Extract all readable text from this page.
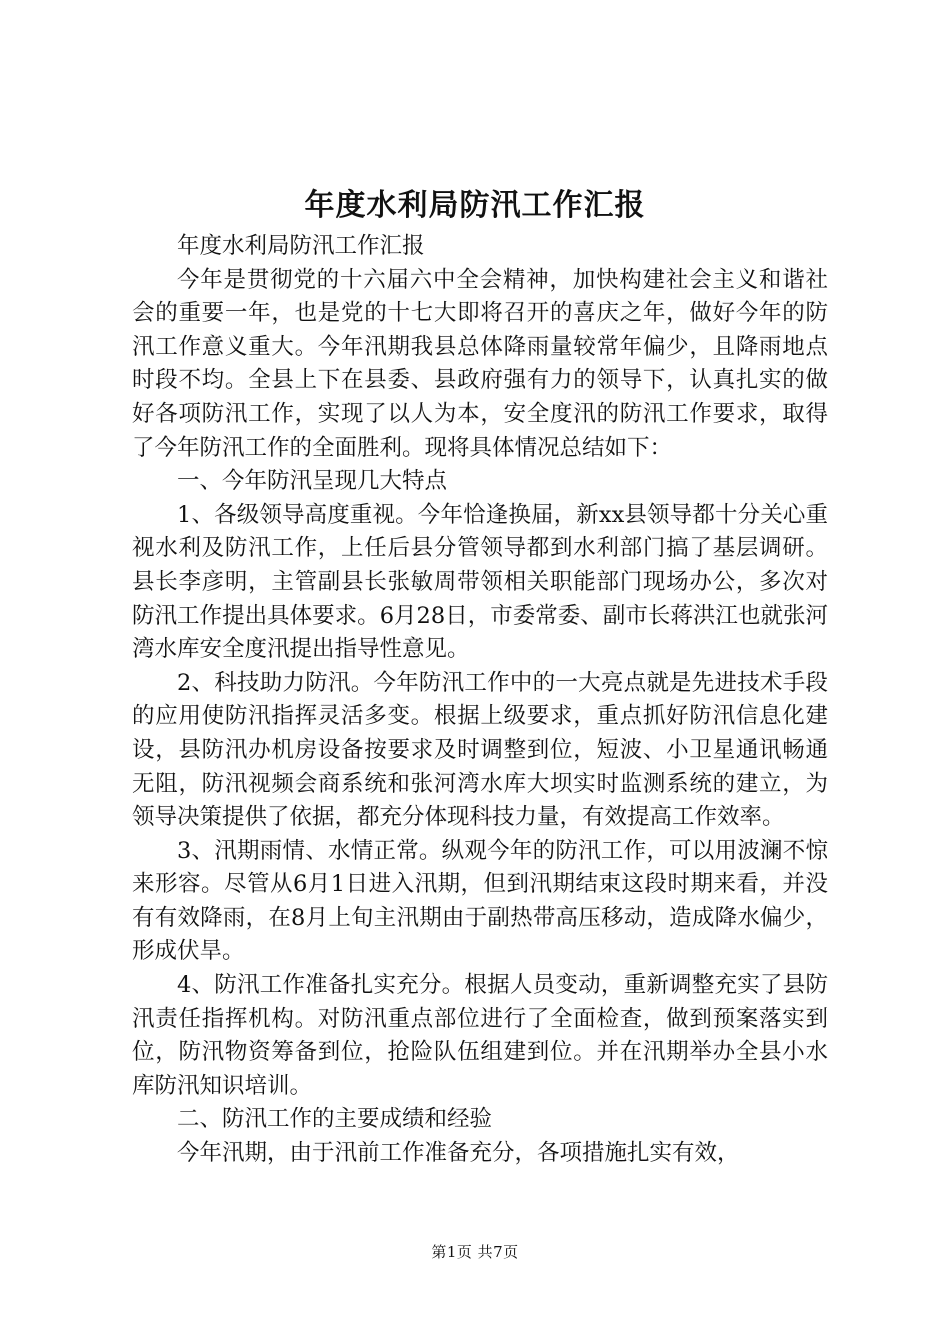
年度水利局防汛工作汇报

年度水利局防汛工作汇报

今年是贯彻党的十六届六中全会精神，加快构建社会主义和谐社会的重要一年，也是党的十七大即将召开的喜庆之年，做好今年的防汛工作意义重大。今年汛期我县总体降雨量较常年偏少，且降雨地点时段不均。全县上下在县委、县政府强有力的领导下，认真扎实的做好各项防汛工作，实现了以人为本，安全度汛的防汛工作要求，取得了今年防汛工作的全面胜利。现将具体情况总结如下：

一、今年防汛呈现几大特点

1、各级领导高度重视。今年恰逢换届，新xx县领导都十分关心重视水利及防汛工作，上任后县分管领导都到水利部门搞了基层调研。县长李彦明，主管副县长张敏周带领相关职能部门现场办公，多次对防汛工作提出具体要求。6月28日，市委常委、副市长蒋洪江也就张河湾水库安全度汛提出指导性意见。

2、科技助力防汛。今年防汛工作中的一大亮点就是先进技术手段的应用使防汛指挥灵活多变。根据上级要求，重点抓好防汛信息化建设，县防汛办机房设备按要求及时调整到位，短波、小卫星通讯畅通无阻，防汛视频会商系统和张河湾水库大坝实时监测系统的建立，为领导决策提供了依据，都充分体现科技力量，有效提高工作效率。

3、汛期雨情、水情正常。纵观今年的防汛工作，可以用波澜不惊来形容。尽管从6月1日进入汛期，但到汛期结束这段时期来看，并没有有效降雨，在8月上旬主汛期由于副热带高压移动，造成降水偏少，形成伏旱。

4、防汛工作准备扎实充分。根据人员变动，重新调整充实了县防汛责任指挥机构。对防汛重点部位进行了全面检查，做到预案落实到位，防汛物资筹备到位，抢险队伍组建到位。并在汛期举办全县小水库防汛知识培训。

二、防汛工作的主要成绩和经验

今年汛期，由于汛前工作准备充分，各项措施扎实有效，

第1页 共7页
